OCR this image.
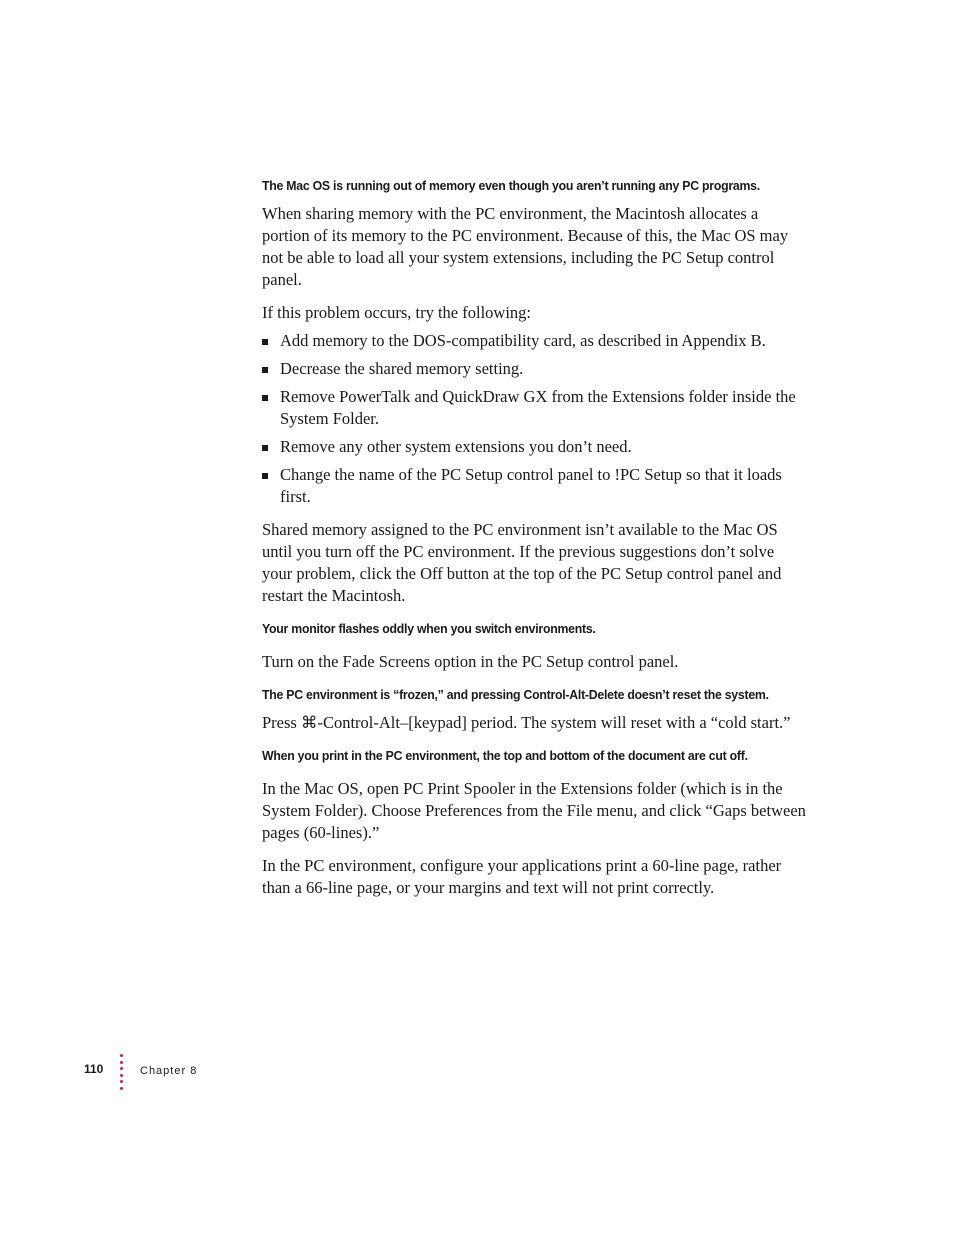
The Mac OS is running out of memory even though you aren’t running any PC programs.

When sharing memory with the PC environment, the Macintosh allocates a portion of its memory to the PC environment. Because of this, the Mac OS may not be able to load all your system extensions, including the PC Setup control panel.

If this problem occurs, try the following:

Add memory to the DOS-compatibility card, as described in Appendix B.
Decrease the shared memory setting.
Remove PowerTalk and QuickDraw GX from the Extensions folder inside the System Folder.
Remove any other system extensions you don’t need.
Change the name of the PC Setup control panel to !PC Setup so that it loads first.

Shared memory assigned to the PC environment isn’t available to the Mac OS until you turn off the PC environment. If the previous suggestions don’t solve your problem, click the Off button at the top of the PC Setup control panel and restart the Macintosh.

Your monitor flashes oddly when you switch environments.

Turn on the Fade Screens option in the PC Setup control panel.

The PC environment is “frozen,” and pressing Control-Alt-Delete doesn’t reset the system.

Press ⌘-Control-Alt–[keypad] period. The system will reset with a “cold start.”

When you print in the PC environment, the top and bottom of the document are cut off.

In the Mac OS, open PC Print Spooler in the Extensions folder (which is in the System Folder). Choose Preferences from the File menu, and click “Gaps between pages (60-lines).”

In the PC environment, configure your applications print a 60-line page, rather than a 66-line page, or your margins and text will not print correctly.

110	Chapter 8
